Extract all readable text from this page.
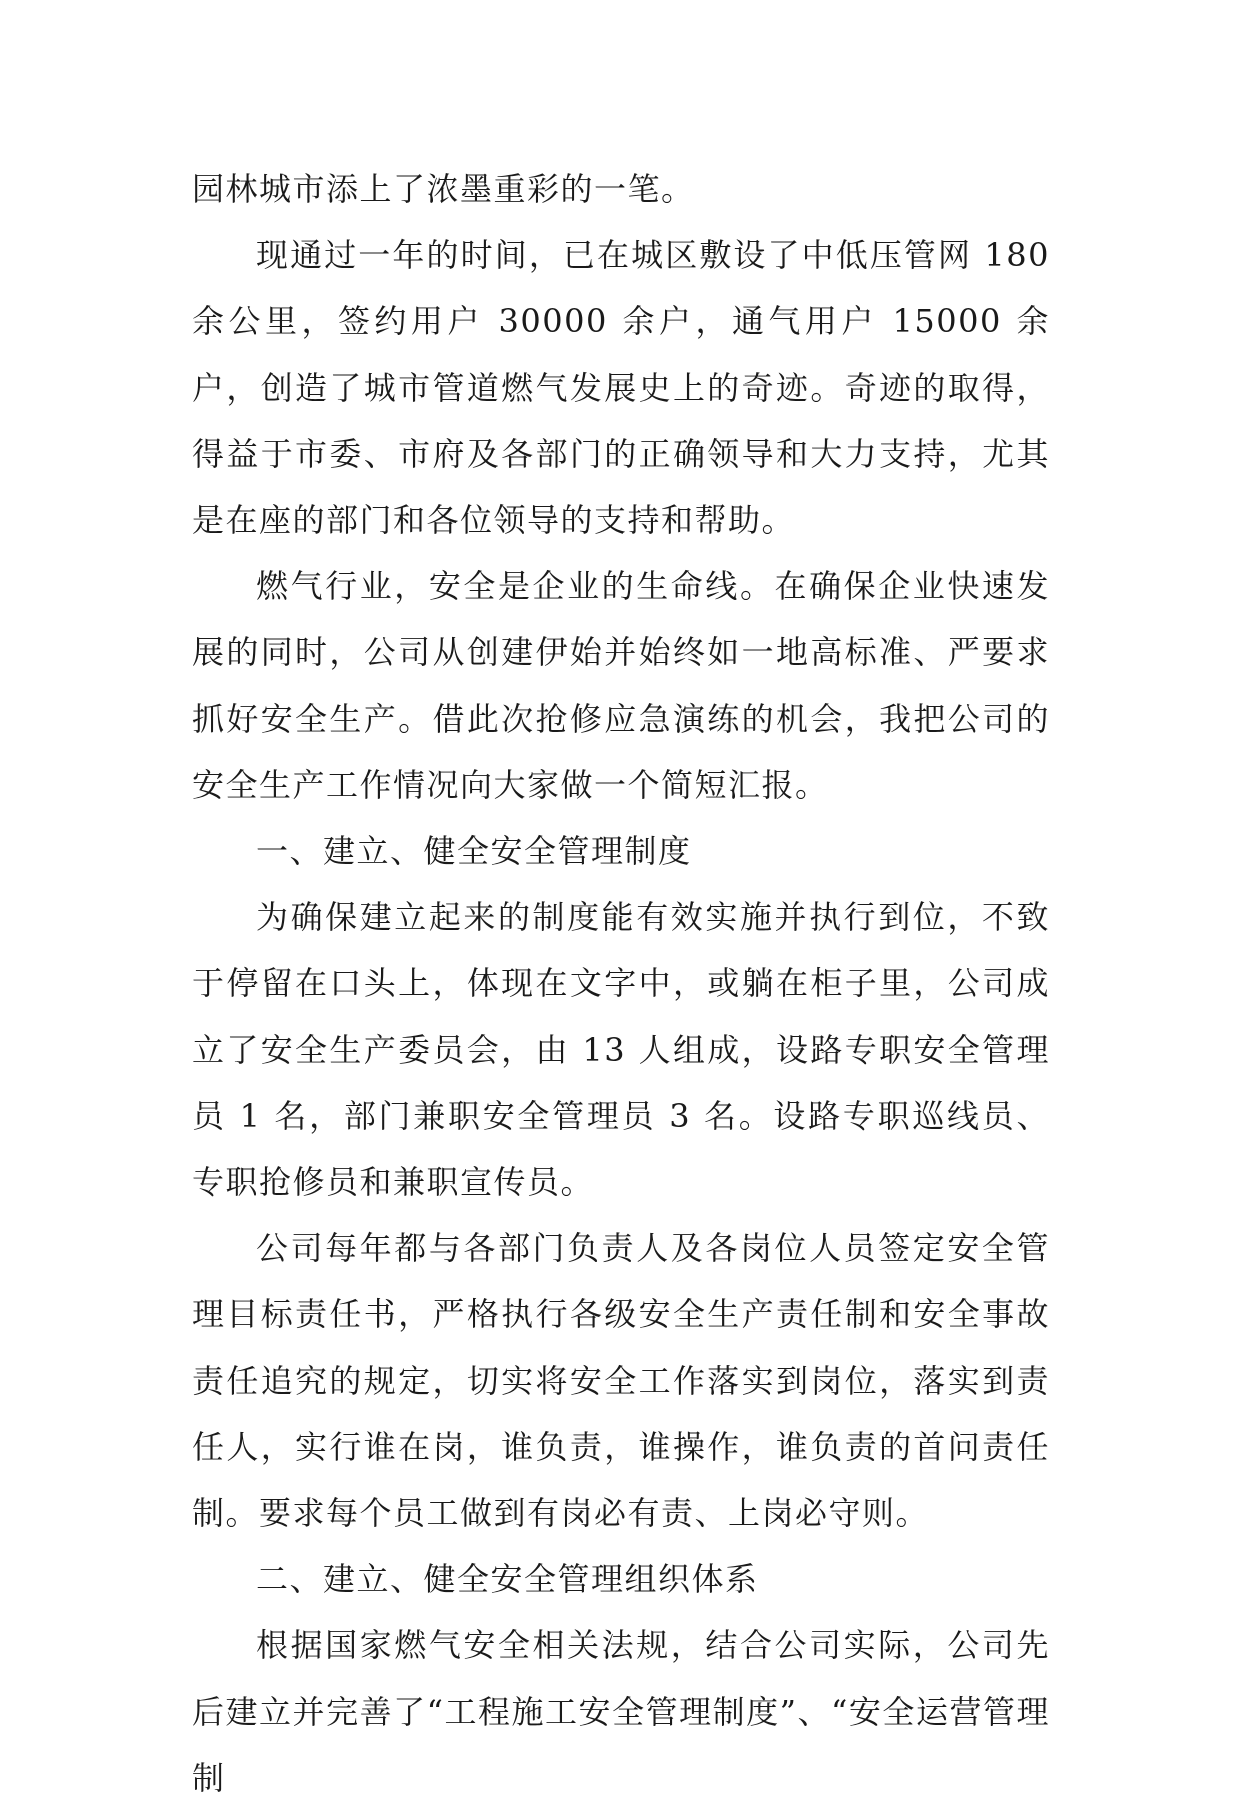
园林城市添上了浓墨重彩的一笔。

现通过一年的时间，已在城区敷设了中低压管网 180 余公里，签约用户 30000 余户，通气用户 15000 余户，创造了城市管道燃气发展史上的奇迹。奇迹的取得，得益于市委、市府及各部门的正确领导和大力支持，尤其是在座的部门和各位领导的支持和帮助。

燃气行业，安全是企业的生命线。在确保企业快速发展的同时，公司从创建伊始并始终如一地高标准、严要求抓好安全生产。借此次抢修应急演练的机会，我把公司的安全生产工作情况向大家做一个简短汇报。

一、建立、健全安全管理制度

为确保建立起来的制度能有效实施并执行到位，不致于停留在口头上，体现在文字中，或躺在柜子里，公司成立了安全生产委员会，由 13 人组成，设路专职安全管理员 1 名，部门兼职安全管理员 3 名。设路专职巡线员、专职抢修员和兼职宣传员。

公司每年都与各部门负责人及各岗位人员签定安全管理目标责任书，严格执行各级安全生产责任制和安全事故责任追究的规定，切实将安全工作落实到岗位，落实到责任人，实行谁在岗，谁负责，谁操作，谁负责的首问责任制。要求每个员工做到有岗必有责、上岗必守则。

二、建立、健全安全管理组织体系

根据国家燃气安全相关法规，结合公司实际，公司先后建立并完善了“工程施工安全管理制度”、“安全运营管理制
